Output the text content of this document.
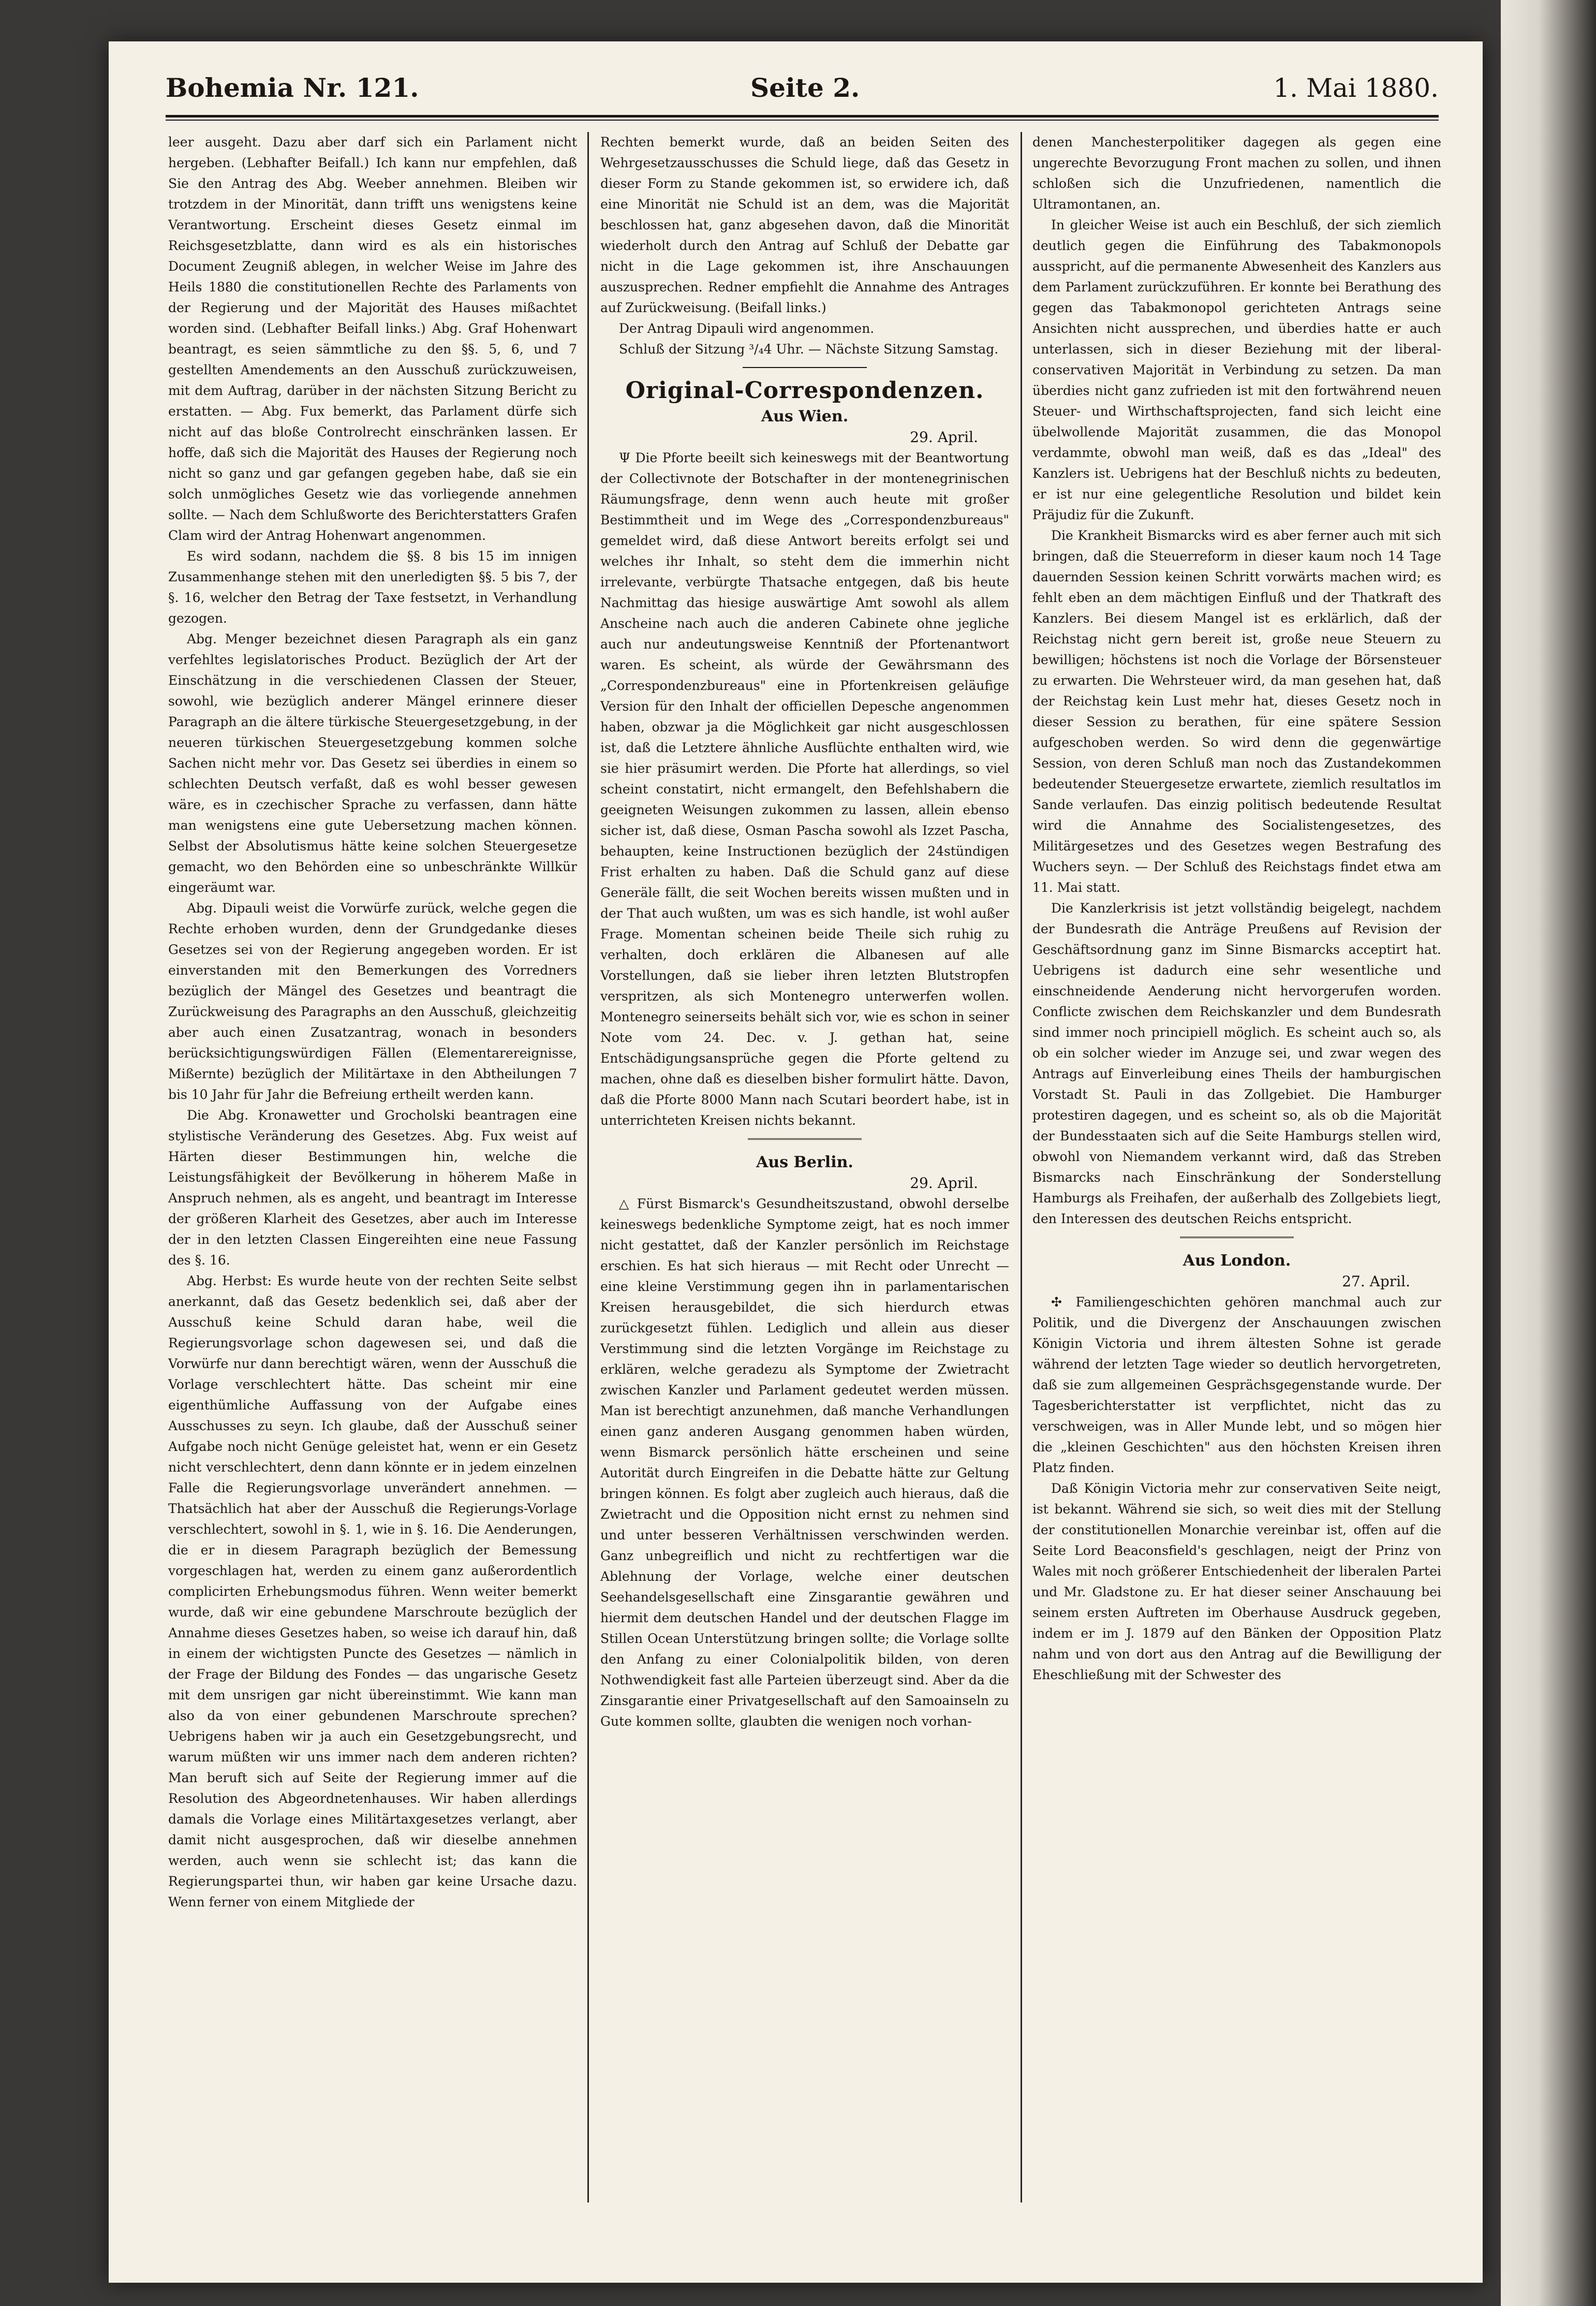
Bohemia Nr. 121.	Seite 2.	1. Mai 1880.

leer ausgeht. Dazu aber darf sich ein Parlament nicht hergeben. (Lebhafter Beifall.) Ich kann nur empfehlen, daß Sie den Antrag des Abg. Weeber annehmen. Bleiben wir trotzdem in der Minorität, dann trifft uns wenigstens keine Verantwortung. Erscheint dieses Gesetz einmal im Reichsgesetzblatte, dann wird es als ein historisches Document Zeugniß ablegen, in welcher Weise im Jahre des Heils 1880 die constitutionellen Rechte des Parlaments von der Regierung und der Majorität des Hauses mißachtet worden sind. (Lebhafter Beifall links.) Abg. Graf Hohenwart beantragt, es seien sämmtliche zu den §§. 5, 6, und 7 gestellten Amendements an den Ausschuß zurückzuweisen, mit dem Auftrag, darüber in der nächsten Sitzung Bericht zu erstatten. — Abg. Fux bemerkt, das Parlament dürfe sich nicht auf das bloße Controlrecht einschränken lassen. Er hoffe, daß sich die Majorität des Hauses der Regierung noch nicht so ganz und gar gefangen gegeben habe, daß sie ein solch unmögliches Gesetz wie das vorliegende annehmen sollte. — Nach dem Schlußworte des Berichterstatters Grafen Clam wird der Antrag Hohenwart angenommen.

Es wird sodann, nachdem die §§. 8 bis 15 im innigen Zusammenhange stehen mit den unerledigten §§. 5 bis 7, der §. 16, welcher den Betrag der Taxe festsetzt, in Verhandlung gezogen.

Abg. Menger bezeichnet diesen Paragraph als ein ganz verfehltes legislatorisches Product. Bezüglich der Art der Einschätzung in die verschiedenen Classen der Steuer, sowohl, wie bezüglich anderer Mängel erinnere dieser Paragraph an die ältere türkische Steuergesetzgebung, in der neueren türkischen Steuergesetzgebung kommen solche Sachen nicht mehr vor. Das Gesetz sei überdies in einem so schlechten Deutsch verfaßt, daß es wohl besser gewesen wäre, es in czechischer Sprache zu verfassen, dann hätte man wenigstens eine gute Uebersetzung machen können. Selbst der Absolutismus hätte keine solchen Steuergesetze gemacht, wo den Behörden eine so unbeschränkte Willkür eingeräumt war.

Abg. Dipauli weist die Vorwürfe zurück, welche gegen die Rechte erhoben wurden, denn der Grundgedanke dieses Gesetzes sei von der Regierung angegeben worden. Er ist einverstanden mit den Bemerkungen des Vorredners bezüglich der Mängel des Gesetzes und beantragt die Zurückweisung des Paragraphs an den Ausschuß, gleichzeitig aber auch einen Zusatzantrag, wonach in besonders berücksichtigungswürdigen Fällen (Elementarereignisse, Mißernte) bezüglich der Militärtaxe in den Abtheilungen 7 bis 10 Jahr für Jahr die Befreiung ertheilt werden kann.

Die Abg. Kronawetter und Grocholski beantragen eine stylistische Veränderung des Gesetzes. Abg. Fux weist auf Härten dieser Bestimmungen hin, welche die Leistungsfähigkeit der Bevölkerung in höherem Maße in Anspruch nehmen, als es angeht, und beantragt im Interesse der größeren Klarheit des Gesetzes, aber auch im Interesse der in den letzten Classen Eingereihten eine neue Fassung des §. 16.

Abg. Herbst: Es wurde heute von der rechten Seite selbst anerkannt, daß das Gesetz bedenklich sei, daß aber der Ausschuß keine Schuld daran habe, weil die Regierungsvorlage schon dagewesen sei, und daß die Vorwürfe nur dann berechtigt wären, wenn der Ausschuß die Vorlage verschlechtert hätte. Das scheint mir eine eigenthümliche Auffassung von der Aufgabe eines Ausschusses zu seyn. Ich glaube, daß der Ausschuß seiner Aufgabe noch nicht Genüge geleistet hat, wenn er ein Gesetz nicht verschlechtert, denn dann könnte er in jedem einzelnen Falle die Regierungsvorlage unverändert annehmen. — Thatsächlich hat aber der Ausschuß die Regierungs-Vorlage verschlechtert, sowohl in §. 1, wie in §. 16. Die Aenderungen, die er in diesem Paragraph bezüglich der Bemessung vorgeschlagen hat, werden zu einem ganz außerordentlich complicirten Erhebungsmodus führen. Wenn weiter bemerkt wurde, daß wir eine gebundene Marschroute bezüglich der Annahme dieses Gesetzes haben, so weise ich darauf hin, daß in einem der wichtigsten Puncte des Gesetzes — nämlich in der Frage der Bildung des Fondes — das ungarische Gesetz mit dem unsrigen gar nicht übereinstimmt. Wie kann man also da von einer gebundenen Marschroute sprechen? Uebrigens haben wir ja auch ein Gesetzgebungsrecht, und warum müßten wir uns immer nach dem anderen richten? Man beruft sich auf Seite der Regierung immer auf die Resolution des Abgeordnetenhauses. Wir haben allerdings damals die Vorlage eines Militärtaxgesetzes verlangt, aber damit nicht ausgesprochen, daß wir dieselbe annehmen werden, auch wenn sie schlecht ist; das kann die Regierungspartei thun, wir haben gar keine Ursache dazu. Wenn ferner von einem Mitgliede der

Rechten bemerkt wurde, daß an beiden Seiten des Wehrgesetzausschusses die Schuld liege, daß das Gesetz in dieser Form zu Stande gekommen ist, so erwidere ich, daß eine Minorität nie Schuld ist an dem, was die Majorität beschlossen hat, ganz abgesehen davon, daß die Minorität wiederholt durch den Antrag auf Schluß der Debatte gar nicht in die Lage gekommen ist, ihre Anschauungen auszusprechen. Redner empfiehlt die Annahme des Antrages auf Zurückweisung. (Beifall links.)

Der Antrag Dipauli wird angenommen.

Schluß der Sitzung ³/₄4 Uhr. — Nächste Sitzung Samstag.

Original-Correspondenzen.
Aus Wien.
29. April.

Ψ Die Pforte beeilt sich keineswegs mit der Beantwortung der Collectivnote der Botschafter in der montenegrinischen Räumungsfrage, denn wenn auch heute mit großer Bestimmtheit und im Wege des „Correspondenzbureaus" gemeldet wird, daß diese Antwort bereits erfolgt sei und welches ihr Inhalt, so steht dem die immerhin nicht irrelevante, verbürgte Thatsache entgegen, daß bis heute Nachmittag das hiesige auswärtige Amt sowohl als allem Anscheine nach auch die anderen Cabinete ohne jegliche auch nur andeutungsweise Kenntniß der Pfortenantwort waren. Es scheint, als würde der Gewährsmann des „Correspondenzbureaus" eine in Pfortenkreisen geläufige Version für den Inhalt der officiellen Depesche angenommen haben, obzwar ja die Möglichkeit gar nicht ausgeschlossen ist, daß die Letztere ähnliche Ausflüchte enthalten wird, wie sie hier präsumirt werden. Die Pforte hat allerdings, so viel scheint constatirt, nicht ermangelt, den Befehlshabern die geeigneten Weisungen zukommen zu lassen, allein ebenso sicher ist, daß diese, Osman Pascha sowohl als Izzet Pascha, behaupten, keine Instructionen bezüglich der 24stündigen Frist erhalten zu haben. Daß die Schuld ganz auf diese Generäle fällt, die seit Wochen bereits wissen mußten und in der That auch wußten, um was es sich handle, ist wohl außer Frage. Momentan scheinen beide Theile sich ruhig zu verhalten, doch erklären die Albanesen auf alle Vorstellungen, daß sie lieber ihren letzten Blutstropfen verspritzen, als sich Montenegro unterwerfen wollen. Montenegro seinerseits behält sich vor, wie es schon in seiner Note vom 24. Dec. v. J. gethan hat, seine Entschädigungsansprüche gegen die Pforte geltend zu machen, ohne daß es dieselben bisher formulirt hätte. Davon, daß die Pforte 8000 Mann nach Scutari beordert habe, ist in unterrichteten Kreisen nichts bekannt.

Aus Berlin.
29. April.

△ Fürst Bismarck's Gesundheitszustand, obwohl derselbe keineswegs bedenkliche Symptome zeigt, hat es noch immer nicht gestattet, daß der Kanzler persönlich im Reichstage erschien. Es hat sich hieraus — mit Recht oder Unrecht — eine kleine Verstimmung gegen ihn in parlamentarischen Kreisen herausgebildet, die sich hierdurch etwas zurückgesetzt fühlen. Lediglich und allein aus dieser Verstimmung sind die letzten Vorgänge im Reichstage zu erklären, welche geradezu als Symptome der Zwietracht zwischen Kanzler und Parlament gedeutet werden müssen. Man ist berechtigt anzunehmen, daß manche Verhandlungen einen ganz anderen Ausgang genommen haben würden, wenn Bismarck persönlich hätte erscheinen und seine Autorität durch Eingreifen in die Debatte hätte zur Geltung bringen können. Es folgt aber zugleich auch hieraus, daß die Zwietracht und die Opposition nicht ernst zu nehmen sind und unter besseren Verhältnissen verschwinden werden. Ganz unbegreiflich und nicht zu rechtfertigen war die Ablehnung der Vorlage, welche einer deutschen Seehandelsgesellschaft eine Zinsgarantie gewähren und hiermit dem deutschen Handel und der deutschen Flagge im Stillen Ocean Unterstützung bringen sollte; die Vorlage sollte den Anfang zu einer Colonialpolitik bilden, von deren Nothwendigkeit fast alle Parteien überzeugt sind. Aber da die Zinsgarantie einer Privatgesellschaft auf den Samoainseln zu Gute kommen sollte, glaubten die wenigen noch vorhan-

denen Manchesterpolitiker dagegen als gegen eine ungerechte Bevorzugung Front machen zu sollen, und ihnen schloßen sich die Unzufriedenen, namentlich die Ultramontanen, an.

In gleicher Weise ist auch ein Beschluß, der sich ziemlich deutlich gegen die Einführung des Tabakmonopols ausspricht, auf die permanente Abwesenheit des Kanzlers aus dem Parlament zurückzuführen. Er konnte bei Berathung des gegen das Tabakmonopol gerichteten Antrags seine Ansichten nicht aussprechen, und überdies hatte er auch unterlassen, sich in dieser Beziehung mit der liberal-conservativen Majorität in Verbindung zu setzen. Da man überdies nicht ganz zufrieden ist mit den fortwährend neuen Steuer- und Wirthschaftsprojecten, fand sich leicht eine übelwollende Majorität zusammen, die das Monopol verdammte, obwohl man weiß, daß es das „Ideal" des Kanzlers ist. Uebrigens hat der Beschluß nichts zu bedeuten, er ist nur eine gelegentliche Resolution und bildet kein Präjudiz für die Zukunft.

Die Krankheit Bismarcks wird es aber ferner auch mit sich bringen, daß die Steuerreform in dieser kaum noch 14 Tage dauernden Session keinen Schritt vorwärts machen wird; es fehlt eben an dem mächtigen Einfluß und der Thatkraft des Kanzlers. Bei diesem Mangel ist es erklärlich, daß der Reichstag nicht gern bereit ist, große neue Steuern zu bewilligen; höchstens ist noch die Vorlage der Börsensteuer zu erwarten. Die Wehrsteuer wird, da man gesehen hat, daß der Reichstag kein Lust mehr hat, dieses Gesetz noch in dieser Session zu berathen, für eine spätere Session aufgeschoben werden. So wird denn die gegenwärtige Session, von deren Schluß man noch das Zustandekommen bedeutender Steuergesetze erwartete, ziemlich resultatlos im Sande verlaufen. Das einzig politisch bedeutende Resultat wird die Annahme des Socialistengesetzes, des Militärgesetzes und des Gesetzes wegen Bestrafung des Wuchers seyn. — Der Schluß des Reichstags findet etwa am 11. Mai statt.

Die Kanzlerkrisis ist jetzt vollständig beigelegt, nachdem der Bundesrath die Anträge Preußens auf Revision der Geschäftsordnung ganz im Sinne Bismarcks acceptirt hat. Uebrigens ist dadurch eine sehr wesentliche und einschneidende Aenderung nicht hervorgerufen worden. Conflicte zwischen dem Reichskanzler und dem Bundesrath sind immer noch principiell möglich. Es scheint auch so, als ob ein solcher wieder im Anzuge sei, und zwar wegen des Antrags auf Einverleibung eines Theils der hamburgischen Vorstadt St. Pauli in das Zollgebiet. Die Hamburger protestiren dagegen, und es scheint so, als ob die Majorität der Bundesstaaten sich auf die Seite Hamburgs stellen wird, obwohl von Niemandem verkannt wird, daß das Streben Bismarcks nach Einschränkung der Sonderstellung Hamburgs als Freihafen, der außerhalb des Zollgebiets liegt, den Interessen des deutschen Reichs entspricht.

Aus London.
27. April.

✣ Familiengeschichten gehören manchmal auch zur Politik, und die Divergenz der Anschauungen zwischen Königin Victoria und ihrem ältesten Sohne ist gerade während der letzten Tage wieder so deutlich hervorgetreten, daß sie zum allgemeinen Gesprächsgegenstande wurde. Der Tagesberichterstatter ist verpflichtet, nicht das zu verschweigen, was in Aller Munde lebt, und so mögen hier die „kleinen Geschichten" aus den höchsten Kreisen ihren Platz finden.

Daß Königin Victoria mehr zur conservativen Seite neigt, ist bekannt. Während sie sich, so weit dies mit der Stellung der constitutionellen Monarchie vereinbar ist, offen auf die Seite Lord Beaconsfield's geschlagen, neigt der Prinz von Wales mit noch größerer Entschiedenheit der liberalen Partei und Mr. Gladstone zu. Er hat dieser seiner Anschauung bei seinem ersten Auftreten im Oberhause Ausdruck gegeben, indem er im J. 1879 auf den Bänken der Opposition Platz nahm und von dort aus den Antrag auf die Bewilligung der Eheschließung mit der Schwester des
